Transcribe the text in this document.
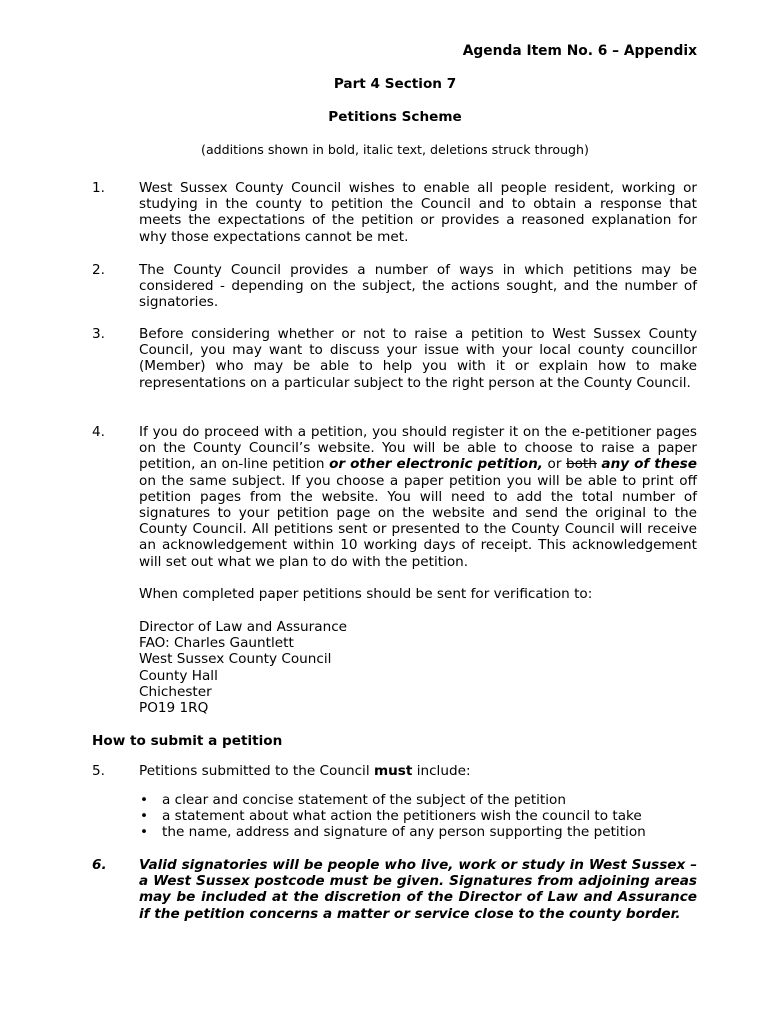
Agenda Item No. 6 – Appendix
Part 4 Section 7
Petitions Scheme
(additions shown in bold, italic text, deletions struck through)
1.	West Sussex County Council wishes to enable all people resident, working or studying in the county to petition the Council and to obtain a response that meets the expectations of the petition or provides a reasoned explanation for why those expectations cannot be met.
2.	The County Council provides a number of ways in which petitions may be considered - depending on the subject, the actions sought, and the number of signatories.
3.	Before considering whether or not to raise a petition to West Sussex County Council, you may want to discuss your issue with your local county councillor (Member) who may be able to help you with it or explain how to make representations on a particular subject to the right person at the County Council.
4.	If you do proceed with a petition, you should register it on the e-petitioner pages on the County Council’s website. You will be able to choose to raise a paper petition, an on-line petition or other electronic petition, or both any of these on the same subject. If you choose a paper petition you will be able to print off petition pages from the website. You will need to add the total number of signatures to your petition page on the website and send the original to the County Council. All petitions sent or presented to the County Council will receive an acknowledgement within 10 working days of receipt. This acknowledgement will set out what we plan to do with the petition.
When completed paper petitions should be sent for verification to:
Director of Law and Assurance
FAO: Charles Gauntlett
West Sussex County Council
County Hall
Chichester
PO19 1RQ
How to submit a petition
5.	Petitions submitted to the Council must include:
• a clear and concise statement of the subject of the petition
• a statement about what action the petitioners wish the council to take
• the name, address and signature of any person supporting the petition
6. Valid signatories will be people who live, work or study in West Sussex – a West Sussex postcode must be given. Signatures from adjoining areas may be included at the discretion of the Director of Law and Assurance if the petition concerns a matter or service close to the county border.
